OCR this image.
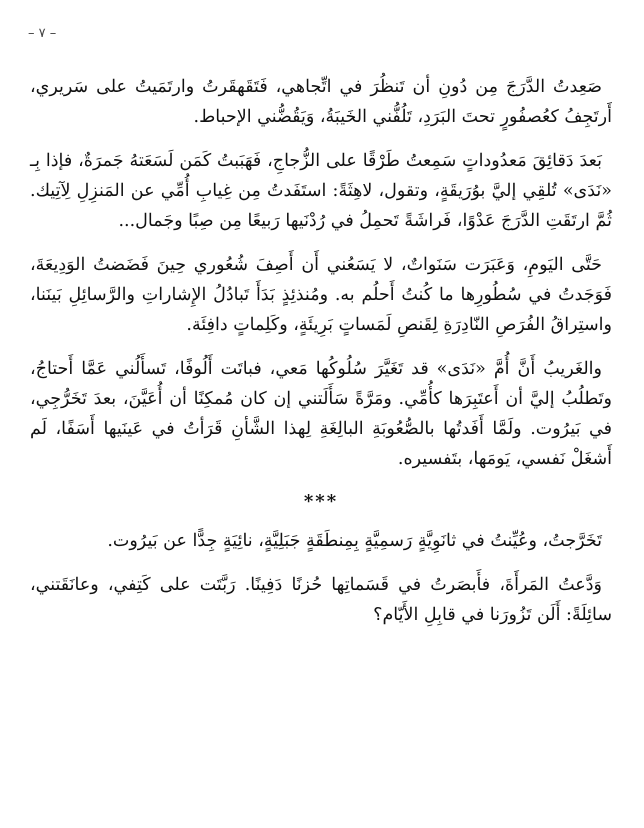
– ٧ –

صَعِدتُ الدَّرَجَ مِن دُونِ أن تَنظُرَ في اتِّجاهي، فَتَقَهقَرتُ وارتَمَيتُ على سَريري، أَرتَجِفُ كعُصفُورٍ تحتَ البَرَدِ، تَلُفُّني الخَيبَةُ، وَيَقُضُّني الإحباط.

بَعدَ دَقائِقَ مَعدُوداتٍ سَمِعتُ طَرْقًا على الزُّجاجِ، فَهَبَبتُ كَمَن لَسَعَتهُ جَمرَةٌ، فإذا بِـ «نَدَى» تُلقِي إليَّ بوُرَيقَةٍ، وتقول، لاهِثَةً: استَفَدتُ مِن غِيابِ أُمِّي عن المَنزِلِ لِآتِيك. ثُمَّ ارتَقَتِ الدَّرَجَ عَدْوًا، فَراشَةً تَحمِلُ في رُدْنَيها رَبيعًا مِن صِبًا وجَمال...

حَتَّى اليَومِ، وَعَبَرَت سَنَواتٌ، لا يَسَعُني أَن أَصِفَ شُعُوري حِينَ فَضَضتُ الوَدِيعَةَ، فَوَجَدتُ في سُطُورِها ما كُنتُ أَحلُم به. ومُنذئِذٍ بَدَأَ تَبادُلُ الإِشاراتِ والرَّسائِلِ بَينَنا، واستِراقُ الفُرَصِ النّادِرَةِ لِقَنصِ لَمَساتٍ بَرِيئَةٍ، وكَلِماتٍ دافِئَة.

والغَريبُ أَنَّ أُمَّ «نَدَى» قد تَغَيَّرَ سُلُوكُها مَعي، فباتَت أَلُوفًا، تَسأَلُني عَمَّا أَحتاجُ، وتَطلُبُ إليَّ أن أَعتَبِرَها كأُمِّي. ومَرَّةً سَأَلَتني إن كان مُمكِنًا أن أُعَيَّنَ، بعدَ تَخَرُّجِي، في بَيرُوت. ولَمَّا أَفَدتُها بالصُّعُوبَةِ البالِغَةِ لِهذا الشَّأنِ قَرَأتُ في عَينَيها أَسَفًا، لَم أَشغَلْ نَفسي، يَومَها، بتَفسيره.

***

تَخَرَّجتُ، وعُيِّنتُ في ثانَوِيَّةٍ رَسمِيَّةٍ بِمِنطَقَةٍ جَبَلِيَّةٍ، نائِيَةٍ جِدًّا عن بَيرُوت.

وَدَّعتُ المَرأَةَ، فأَبصَرتُ في قَسَماتِها حُزنًا دَفِينًا. رَبَّتَت على كَتِفي، وعانَقَتني، سائِلَةً: أَلَن تَزُورَنا في قابِلِ الأَيّام؟
